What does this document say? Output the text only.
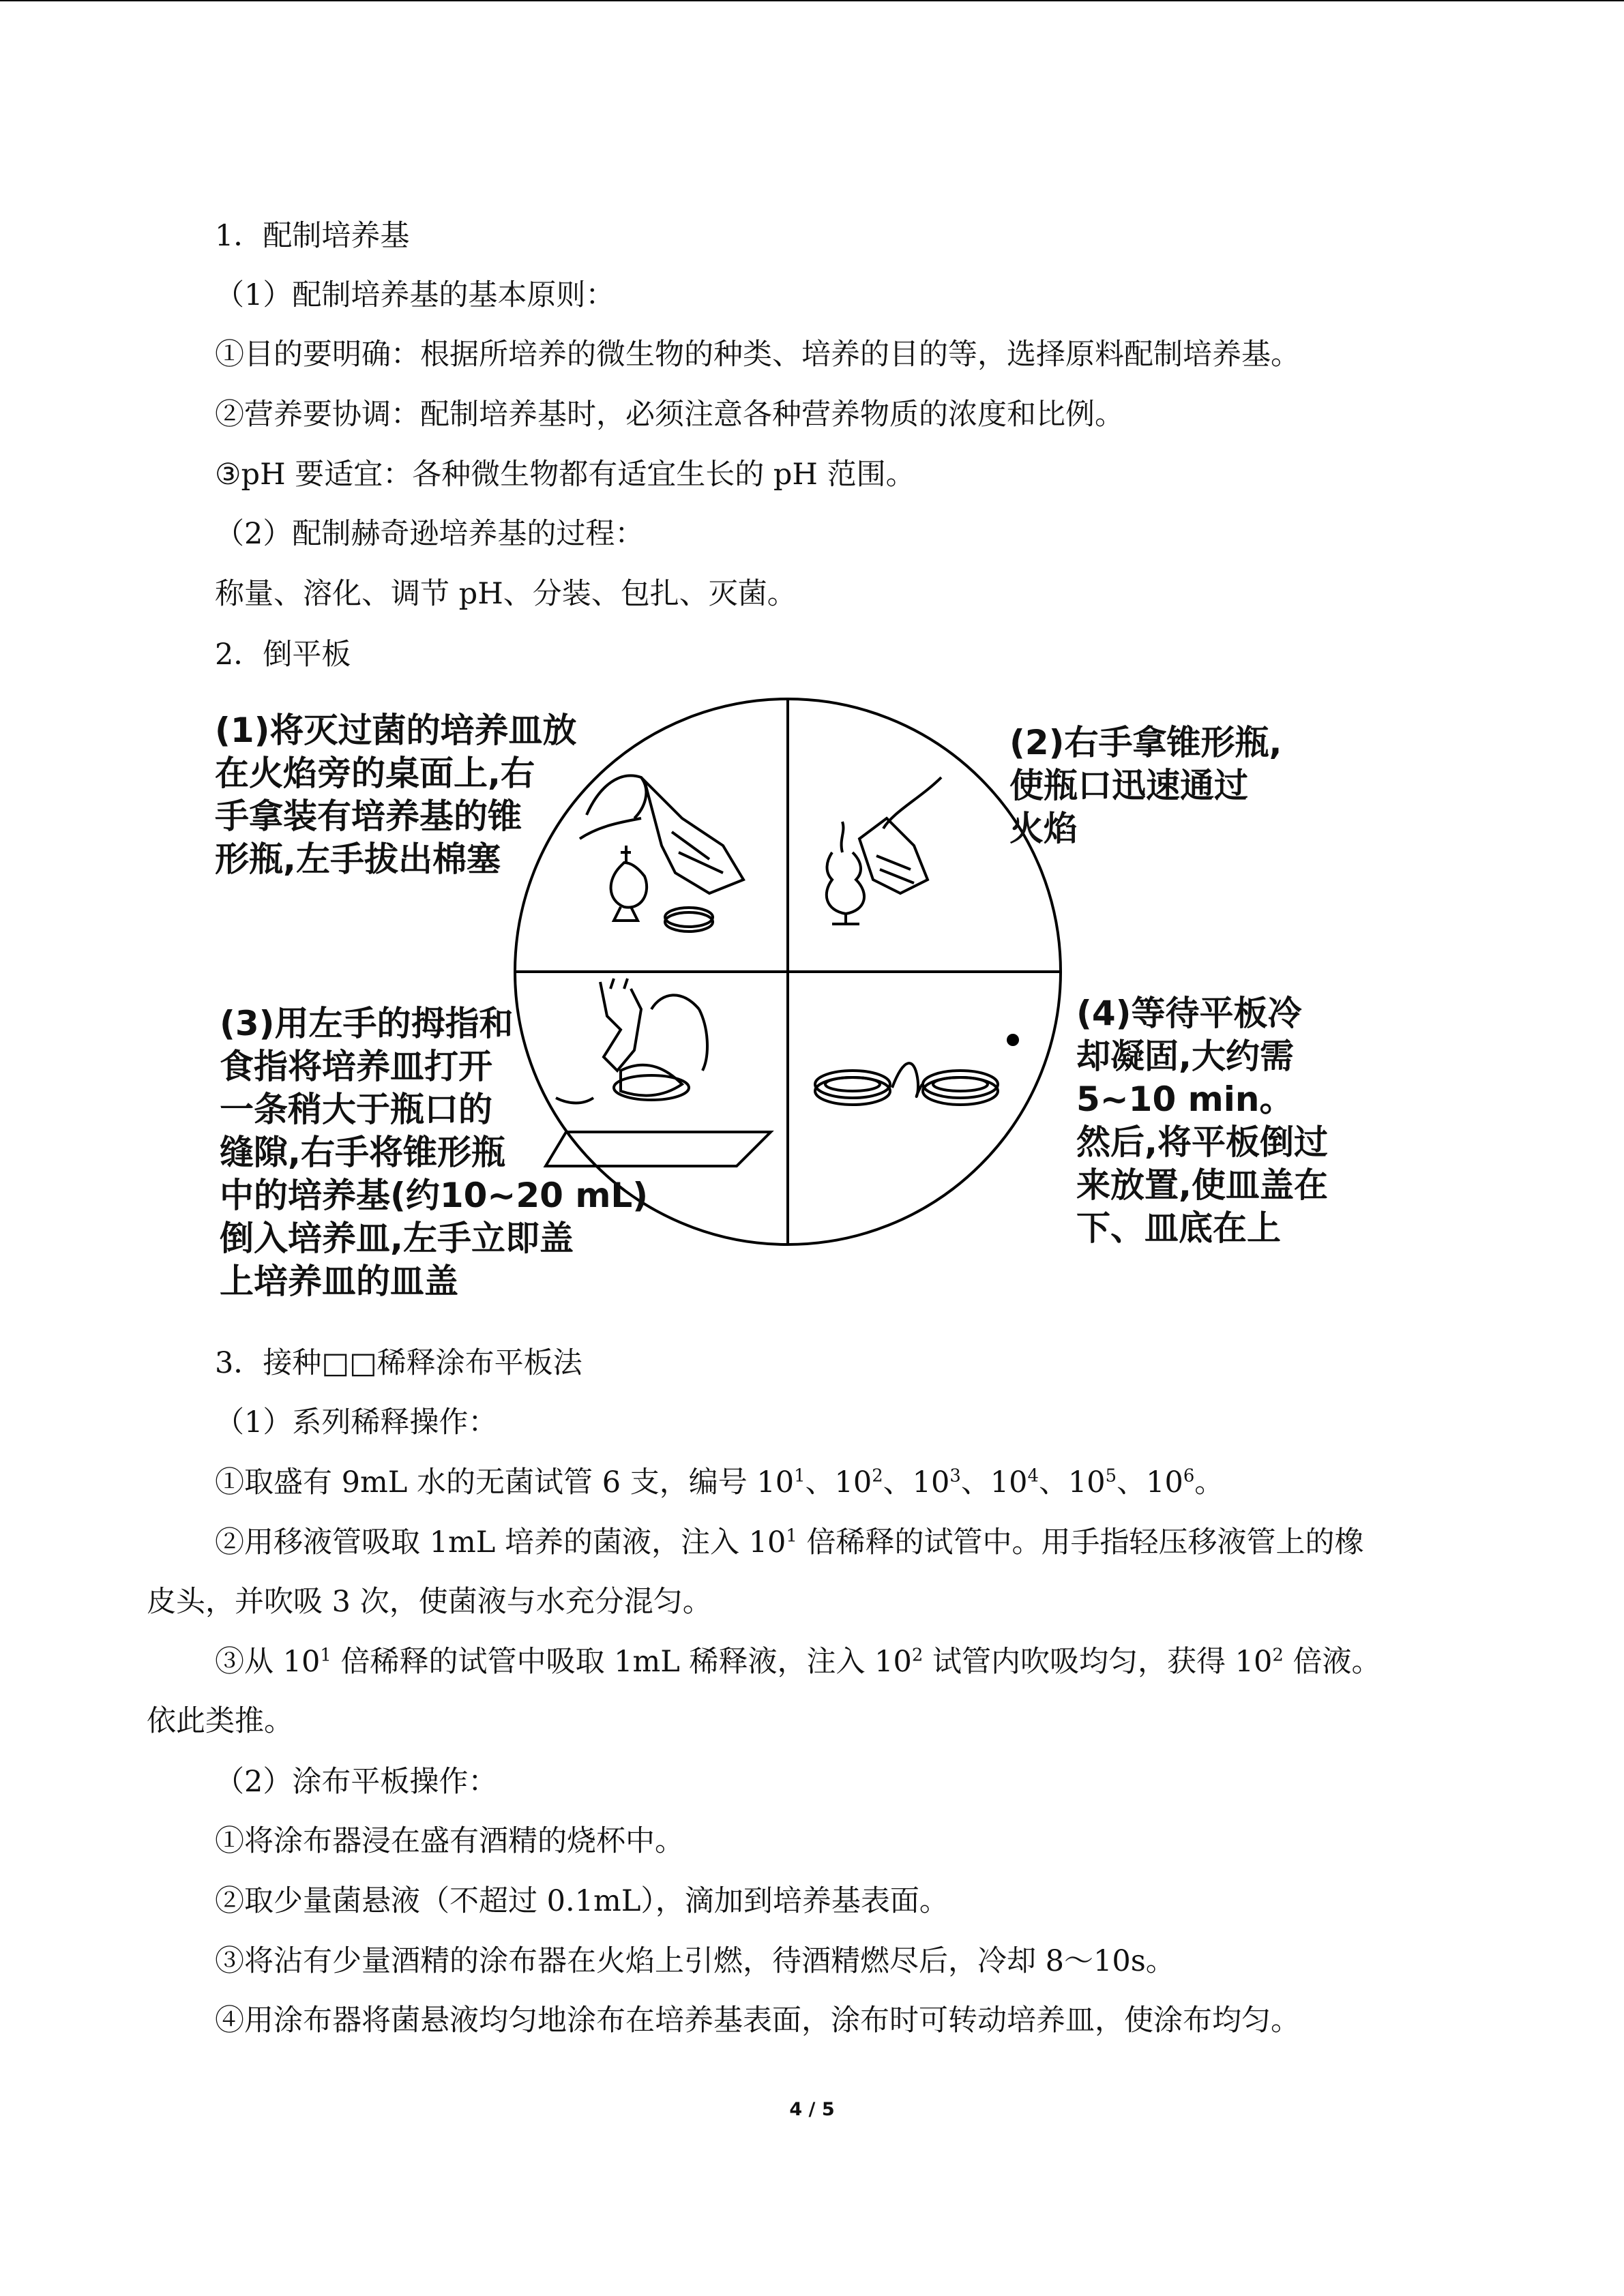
1．配制培养基
（1）配制培养基的基本原则：
①目的要明确：根据所培养的微生物的种类、培养的目的等，选择原料配制培养基。
②营养要协调：配制培养基时，必须注意各种营养物质的浓度和比例。
③pH 要适宜：各种微生物都有适宜生长的 pH 范围。
（2）配制赫奇逊培养基的过程：
称量、溶化、调节 pH、分装、包扎、灭菌。
2．倒平板
(1)将灭过菌的培养皿放
在火焰旁的桌面上,右
手拿装有培养基的锥
形瓶,左手拔出棉塞
(2)右手拿锥形瓶,
使瓶口迅速通过
火焰
(3)用左手的拇指和
食指将培养皿打开
一条稍大于瓶口的
缝隙,右手将锥形瓶
中的培养基(约10~20 mL)
倒入培养皿,左手立即盖
上培养皿的皿盖
(4)等待平板冷
却凝固,大约需
5~10 min。
然后,将平板倒过
来放置,使皿盖在
下、皿底在上
3．接种□□稀释涂布平板法
（1）系列稀释操作：
①取盛有 9mL 水的无菌试管 6 支，编号 $10^1$、$10^2$、$10^3$、$10^4$、$10^5$、$10^6$。
②用移液管吸取 1mL 培养的菌液，注入 $10^1$ 倍稀释的试管中。用手指轻压移液管上的橡
皮头，并吹吸 3 次，使菌液与水充分混匀。
③从 $10^1$ 倍稀释的试管中吸取 1mL 稀释液，注入 $10^2$ 试管内吹吸均匀，获得 $10^2$ 倍液。
依此类推。
（2）涂布平板操作：
①将涂布器浸在盛有酒精的烧杯中。
②取少量菌悬液（不超过 0.1mL），滴加到培养基表面。
③将沾有少量酒精的涂布器在火焰上引燃，待酒精燃尽后，冷却 8～10s。
④用涂布器将菌悬液均匀地涂布在培养基表面，涂布时可转动培养皿，使涂布均匀。
4 / 5
